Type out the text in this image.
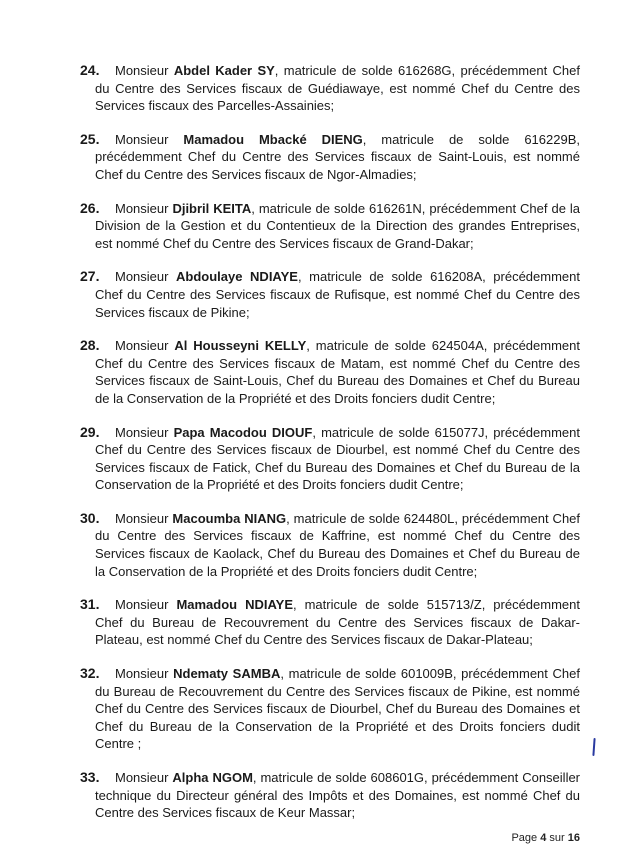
24. Monsieur Abdel Kader SY, matricule de solde 616268G, précédemment Chef du Centre des Services fiscaux de Guédiawaye, est nommé Chef du Centre des Services fiscaux des Parcelles-Assainies;
25. Monsieur Mamadou Mbacké DIENG, matricule de solde 616229B, précédemment Chef du Centre des Services fiscaux de Saint-Louis, est nommé Chef du Centre des Services fiscaux de Ngor-Almadies;
26. Monsieur Djibril KEITA, matricule de solde 616261N, précédemment Chef de la Division de la Gestion et du Contentieux de la Direction des grandes Entreprises, est nommé Chef du Centre des Services fiscaux de Grand-Dakar;
27. Monsieur Abdoulaye NDIAYE, matricule de solde 616208A, précédemment Chef du Centre des Services fiscaux de Rufisque, est nommé Chef du Centre des Services fiscaux de Pikine;
28. Monsieur Al Housseyni KELLY, matricule de solde 624504A, précédemment Chef du Centre des Services fiscaux de Matam, est nommé Chef du Centre des Services fiscaux de Saint-Louis, Chef du Bureau des Domaines et Chef du Bureau de la Conservation de la Propriété et des Droits fonciers dudit Centre;
29. Monsieur Papa Macodou DIOUF, matricule de solde 615077J, précédemment Chef du Centre des Services fiscaux de Diourbel, est nommé Chef du Centre des Services fiscaux de Fatick, Chef du Bureau des Domaines et Chef du Bureau de la Conservation de la Propriété et des Droits fonciers dudit Centre;
30. Monsieur Macoumba NIANG, matricule de solde 624480L, précédemment Chef du Centre des Services fiscaux de Kaffrine, est nommé Chef du Centre des Services fiscaux de Kaolack, Chef du Bureau des Domaines et Chef du Bureau de la Conservation de la Propriété et des Droits fonciers dudit Centre;
31. Monsieur Mamadou NDIAYE, matricule de solde 515713/Z, précédemment Chef du Bureau de Recouvrement du Centre des Services fiscaux de Dakar-Plateau, est nommé Chef du Centre des Services fiscaux de Dakar-Plateau;
32. Monsieur Ndematy SAMBA, matricule de solde 601009B, précédemment Chef du Bureau de Recouvrement du Centre des Services fiscaux de Pikine, est nommé Chef du Centre des Services fiscaux de Diourbel, Chef du Bureau des Domaines et Chef du Bureau de la Conservation de la Propriété et des Droits fonciers dudit Centre ;
33. Monsieur Alpha NGOM, matricule de solde 608601G, précédemment Conseiller technique du Directeur général des Impôts et des Domaines, est nommé Chef du Centre des Services fiscaux de Keur Massar;
Page 4 sur 16
